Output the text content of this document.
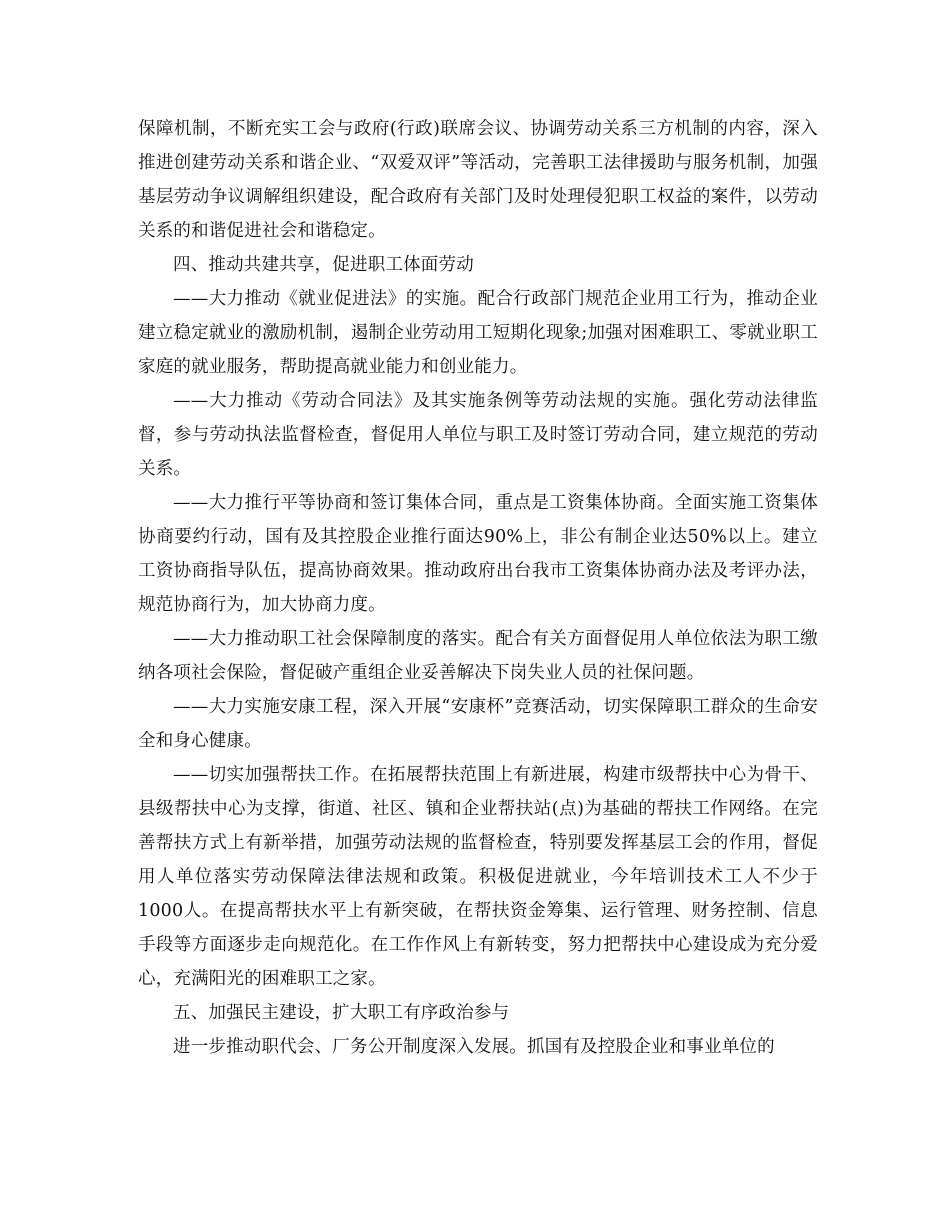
保障机制，不断充实工会与政府(行政)联席会议、协调劳动关系三方机制的内容，深入推进创建劳动关系和谐企业、“双爱双评”等活动，完善职工法律援助与服务机制，加强基层劳动争议调解组织建设，配合政府有关部门及时处理侵犯职工权益的案件，以劳动关系的和谐促进社会和谐稳定。

四、推动共建共享，促进职工体面劳动

——大力推动《就业促进法》的实施。配合行政部门规范企业用工行为，推动企业建立稳定就业的激励机制，遏制企业劳动用工短期化现象;加强对困难职工、零就业职工家庭的就业服务，帮助提高就业能力和创业能力。

——大力推动《劳动合同法》及其实施条例等劳动法规的实施。强化劳动法律监督，参与劳动执法监督检查，督促用人单位与职工及时签订劳动合同，建立规范的劳动关系。

——大力推行平等协商和签订集体合同，重点是工资集体协商。全面实施工资集体协商要约行动，国有及其控股企业推行面达90%上，非公有制企业达50%以上。建立工资协商指导队伍，提高协商效果。推动政府出台我市工资集体协商办法及考评办法，规范协商行为，加大协商力度。

——大力推动职工社会保障制度的落实。配合有关方面督促用人单位依法为职工缴纳各项社会保险，督促破产重组企业妥善解决下岗失业人员的社保问题。

——大力实施安康工程，深入开展“安康杯”竞赛活动，切实保障职工群众的生命安全和身心健康。

——切实加强帮扶工作。在拓展帮扶范围上有新进展，构建市级帮扶中心为骨干、县级帮扶中心为支撑，街道、社区、镇和企业帮扶站(点)为基础的帮扶工作网络。在完善帮扶方式上有新举措，加强劳动法规的监督检查，特别要发挥基层工会的作用，督促用人单位落实劳动保障法律法规和政策。积极促进就业，今年培训技术工人不少于1000人。在提高帮扶水平上有新突破，在帮扶资金筹集、运行管理、财务控制、信息手段等方面逐步走向规范化。在工作作风上有新转变，努力把帮扶中心建设成为充分爱心，充满阳光的困难职工之家。

五、加强民主建设，扩大职工有序政治参与

进一步推动职代会、厂务公开制度深入发展。抓国有及控股企业和事业单位的
